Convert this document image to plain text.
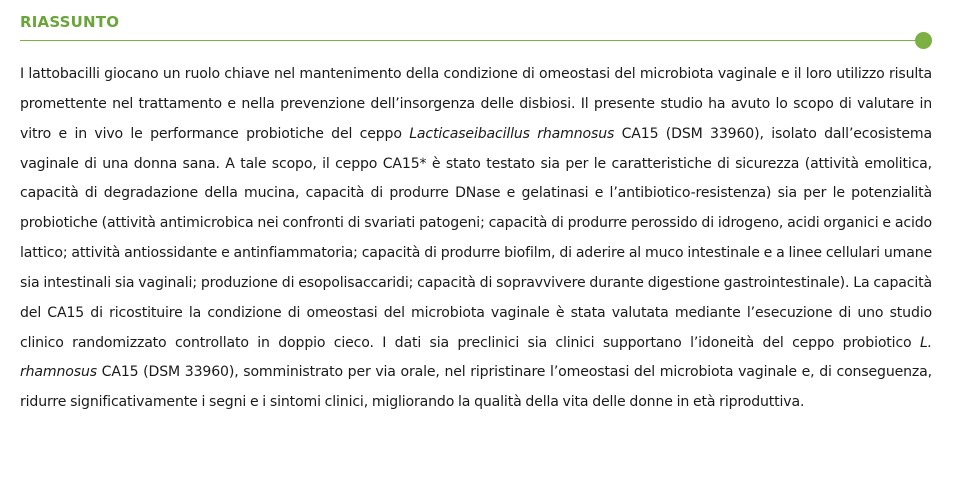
RIASSUNTO

I lattobacilli giocano un ruolo chiave nel mantenimento della condizione di omeostasi del microbiota vaginale e il loro utilizzo risulta promettente nel trattamento e nella prevenzione dell’insorgenza delle disbiosi. Il presente studio ha avuto lo scopo di valutare in vitro e in vivo le performance probiotiche del ceppo Lacticaseibacillus rhamnosus CA15 (DSM 33960), isolato dall’ecosistema vaginale di una donna sana. A tale scopo, il ceppo CA15* è stato testato sia per le caratteristiche di sicurezza (attività emolitica, capacità di degradazione della mucina, capacità di produrre DNase e gelatinasi e l’antibiotico-resistenza) sia per le potenzialità probiotiche (attività antimicrobica nei confronti di svariati patogeni; capacità di produrre perossido di idrogeno, acidi organici e acido lattico; attività antiossidante e antinfiammatoria; capacità di produrre biofilm, di aderire al muco intestinale e a linee cellulari umane sia intestinali sia vaginali; produzione di esopolisaccaridi; capacità di sopravvivere durante digestione gastrointestinale). La capacità del CA15 di ricostituire la condizione di omeostasi del microbiota vaginale è stata valutata mediante l’esecuzione di uno studio clinico randomizzato controllato in doppio cieco. I dati sia preclinici sia clinici supportano l’idoneità del ceppo probiotico L. rhamnosus CA15 (DSM 33960), somministrato per via orale, nel ripristinare l’omeostasi del microbiota vaginale e, di conseguenza, ridurre significativamente i segni e i sintomi clinici, migliorando la qualità della vita delle donne in età riproduttiva.
